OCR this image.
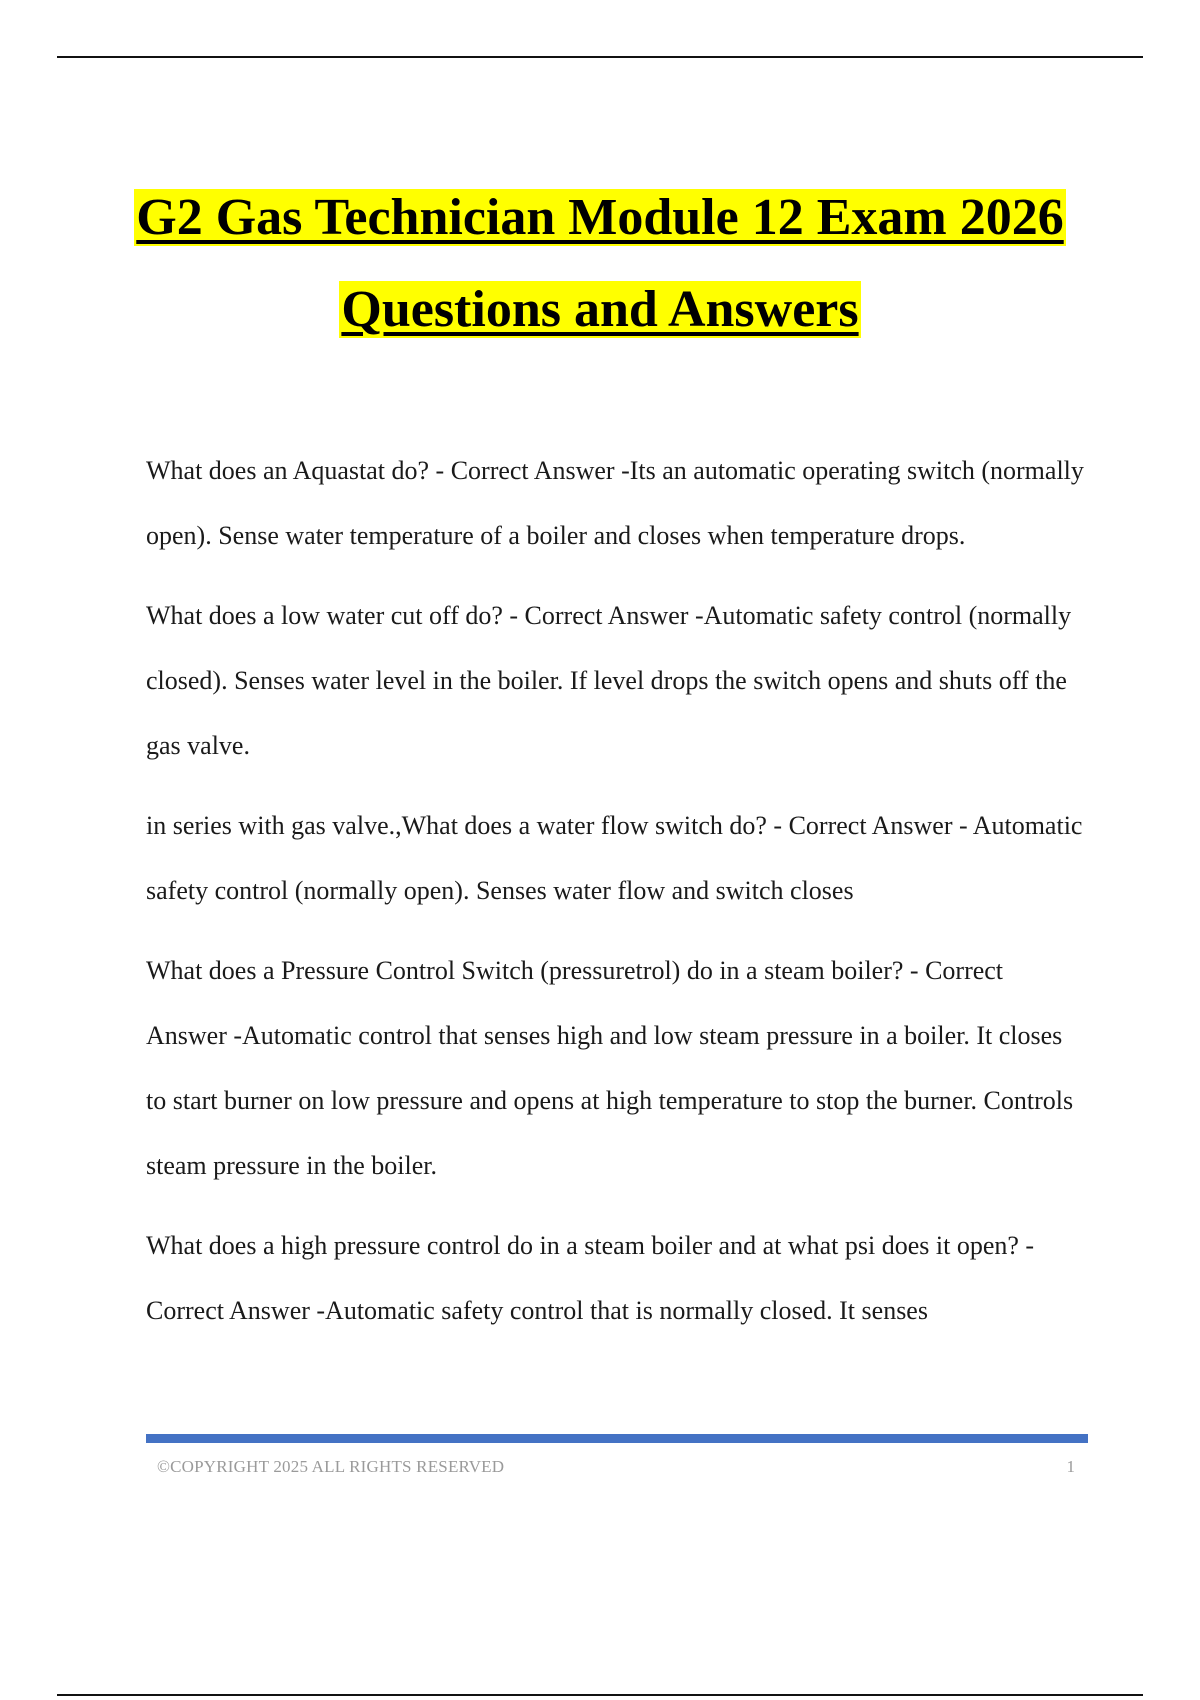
G2 Gas Technician Module 12 Exam 2026
Questions and Answers

What does an Aquastat do? - Correct Answer -Its an automatic operating switch (normally open). Sense water temperature of a boiler and closes when temperature drops.

What does a low water cut off do? - Correct Answer -Automatic safety control (normally closed). Senses water level in the boiler. If level drops the switch opens and shuts off the gas valve.

in series with gas valve.,What does a water flow switch do? - Correct Answer - Automatic safety control (normally open). Senses water flow and switch closes

What does a Pressure Control Switch (pressuretrol) do in a steam boiler? - Correct Answer -Automatic control that senses high and low steam pressure in a boiler. It closes to start burner on low pressure and opens at high temperature to stop the burner. Controls steam pressure in the boiler.

What does a high pressure control do in a steam boiler and at what psi does it open? - Correct Answer -Automatic safety control that is normally closed. It senses

©COPYRIGHT 2025 ALL RIGHTS RESERVED	1
